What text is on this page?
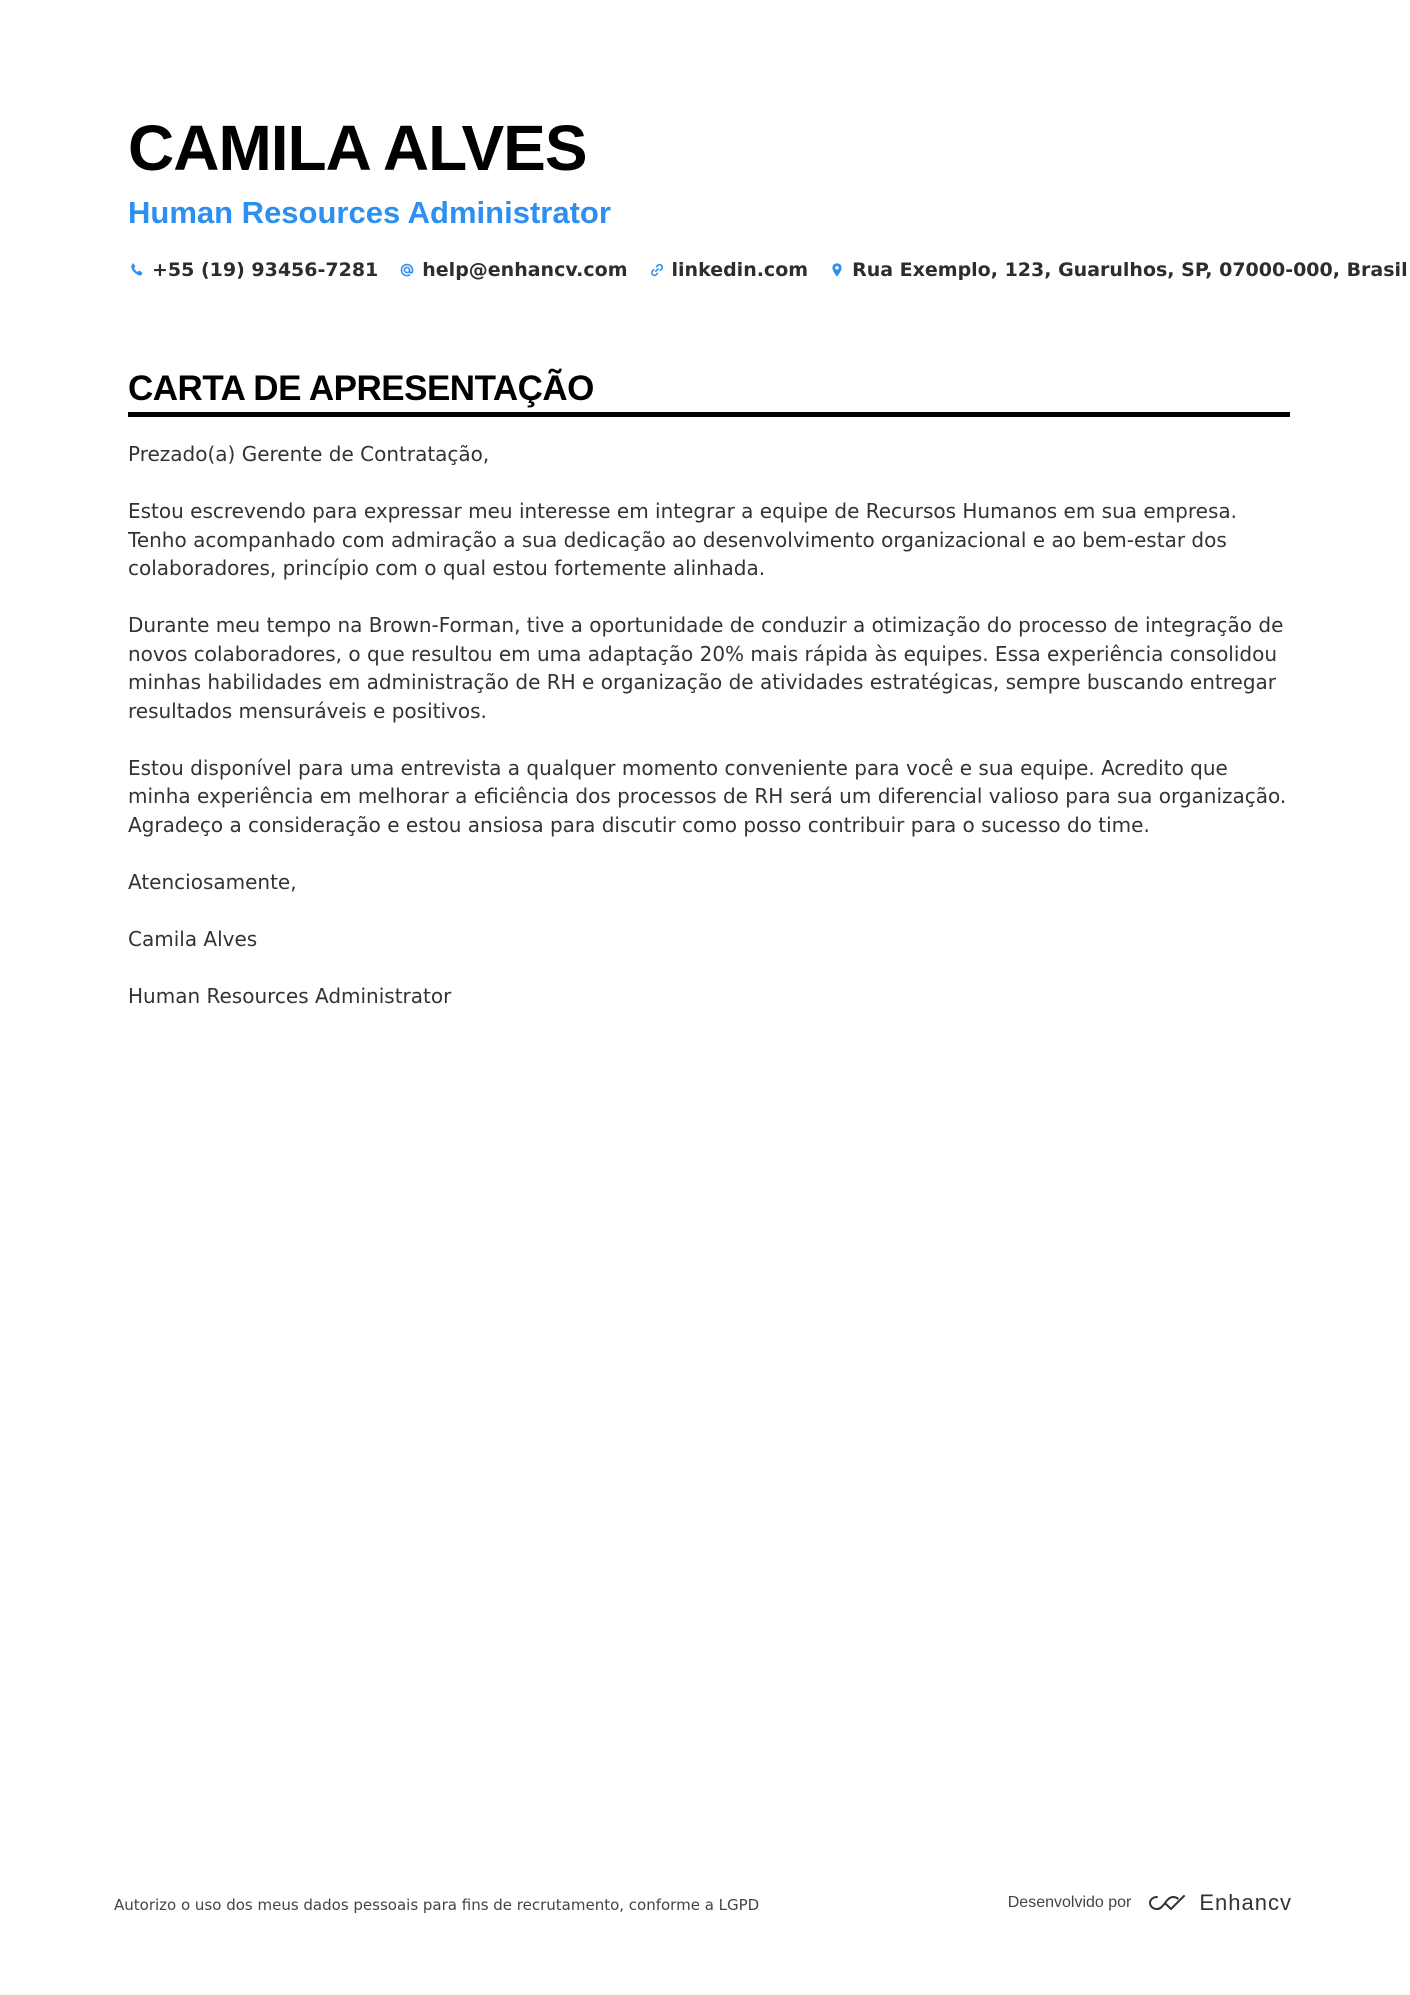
CAMILA ALVES
Human Resources Administrator
+55 (19) 93456-7281 help@enhancv.com linkedin.com Rua Exemplo, 123, Guarulhos, SP, 07000-000, Brasil
CARTA DE APRESENTAÇÃO

Prezado(a) Gerente de Contratação,

Estou escrevendo para expressar meu interesse em integrar a equipe de Recursos Humanos em sua empresa. Tenho acompanhado com admiração a sua dedicação ao desenvolvimento organizacional e ao bem-estar dos colaboradores, princípio com o qual estou fortemente alinhada.

Durante meu tempo na Brown-Forman, tive a oportunidade de conduzir a otimização do processo de integração de novos colaboradores, o que resultou em uma adaptação 20% mais rápida às equipes. Essa experiência consolidou minhas habilidades em administração de RH e organização de atividades estratégicas, sempre buscando entregar resultados mensuráveis e positivos.

Estou disponível para uma entrevista a qualquer momento conveniente para você e sua equipe. Acredito que minha experiência em melhorar a eficiência dos processos de RH será um diferencial valioso para sua organização. Agradeço a consideração e estou ansiosa para discutir como posso contribuir para o sucesso do time.

Atenciosamente,

Camila Alves

Human Resources Administrator

Autorizo o uso dos meus dados pessoais para fins de recrutamento, conforme a LGPD	Desenvolvido por	Enhancv
